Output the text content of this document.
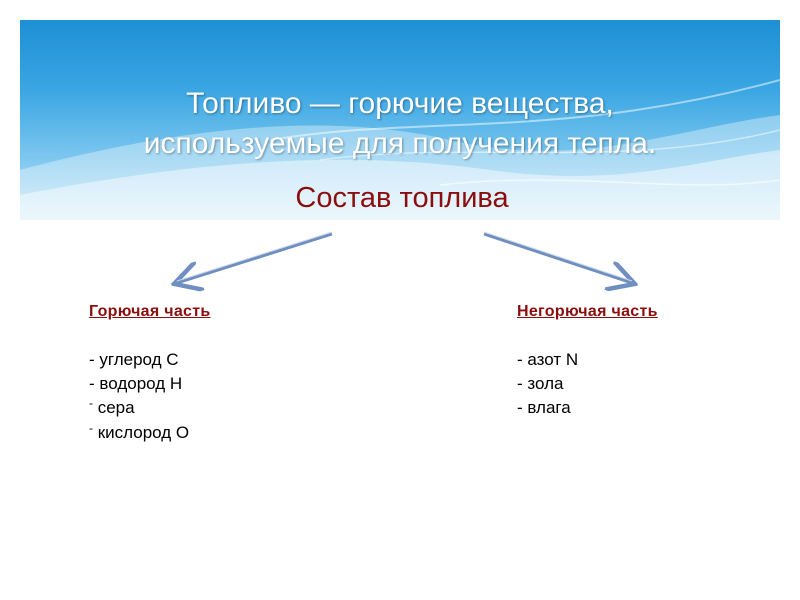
Топливо — горючие вещества,
используемые для получения тепла.
Состав топлива
Горючая часть
- углерод С
- водород Н
- сера
- кислород О
Негорючая часть
- азот N
- зола
- влага
